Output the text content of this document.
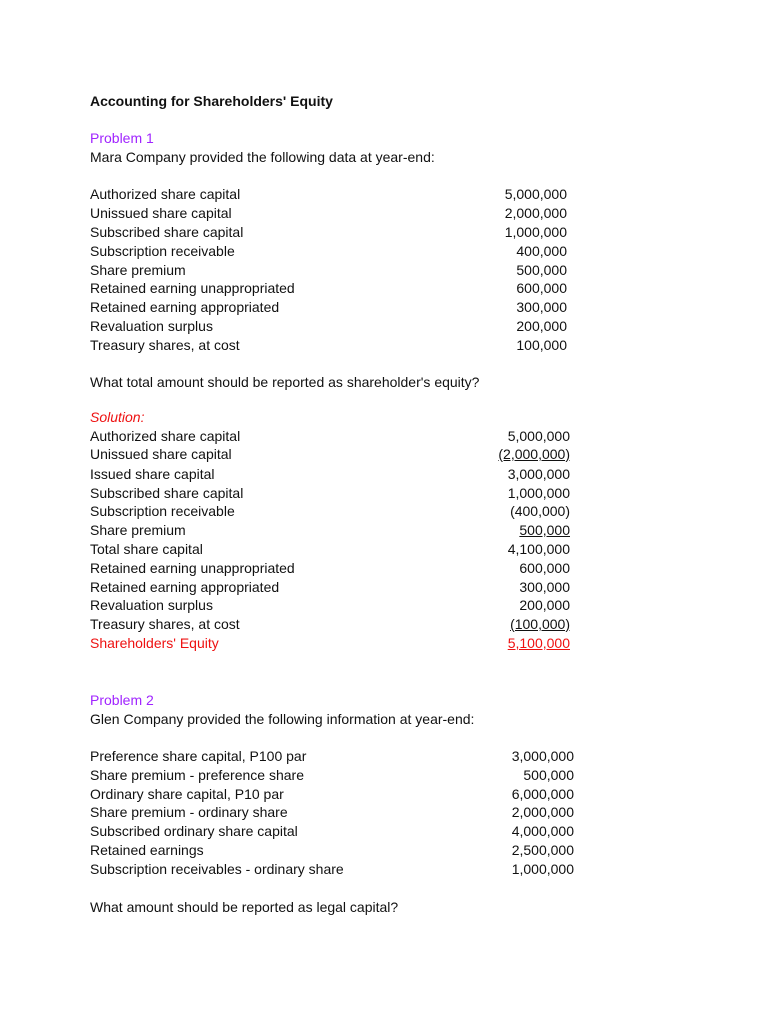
Accounting for Shareholders' Equity
Problem 1
Mara Company provided the following data at year-end:
Authorized share capital	5,000,000
Unissued share capital	2,000,000
Subscribed share capital	1,000,000
Subscription receivable	400,000
Share premium	500,000
Retained earning unappropriated	600,000
Retained earning appropriated	300,000
Revaluation surplus	200,000
Treasury shares, at cost	100,000
What total amount should be reported as shareholder's equity?
Solution:
Authorized share capital	5,000,000
Unissued share capital	(2,000,000)
Issued share capital	3,000,000
Subscribed share capital	1,000,000
Subscription receivable	(400,000)
Share premium	500,000
Total share capital	4,100,000
Retained earning unappropriated	600,000
Retained earning appropriated	300,000
Revaluation surplus	200,000
Treasury shares, at cost	(100,000)
Shareholders' Equity	5,100,000
Problem 2
Glen Company provided the following information at year-end:
Preference share capital, P100 par	3,000,000
Share premium - preference share	500,000
Ordinary share capital, P10 par	6,000,000
Share premium - ordinary share	2,000,000
Subscribed ordinary share capital	4,000,000
Retained earnings	2,500,000
Subscription receivables - ordinary share	1,000,000
What amount should be reported as legal capital?
